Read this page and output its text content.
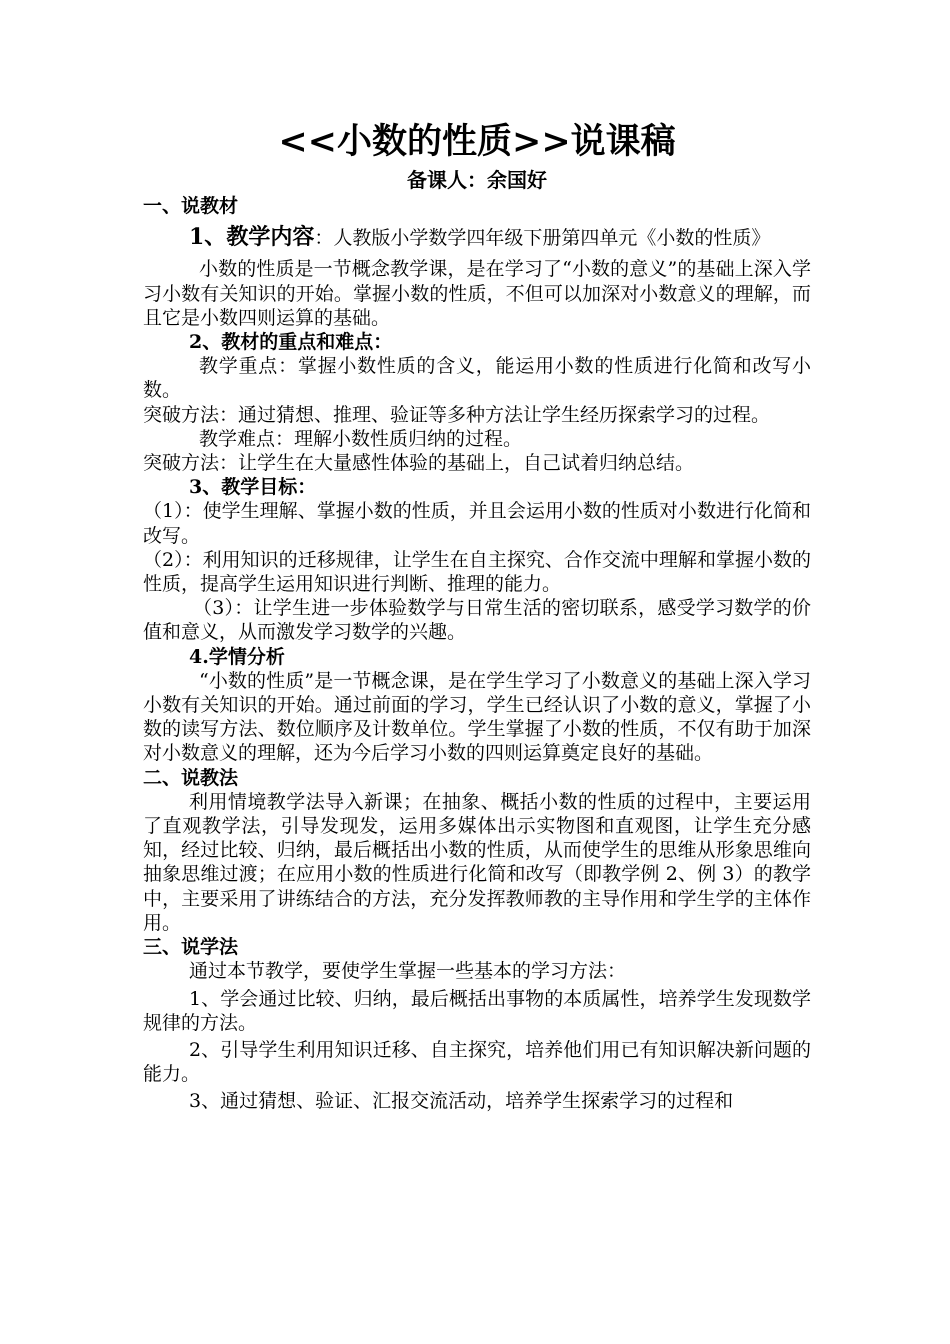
<<小数的性质>>说课稿
备课人：余国好

一、说教材

1、教学内容：人教版小学数学四年级下册第四单元《小数的性质》

小数的性质是一节概念教学课，是在学习了“小数的意义”的基础上深入学习小数有关知识的开始。掌握小数的性质，不但可以加深对小数意义的理解，而且它是小数四则运算的基础。

2、教材的重点和难点：

教学重点：掌握小数性质的含义，能运用小数的性质进行化简和改写小数。

突破方法：通过猜想、推理、验证等多种方法让学生经历探索学习的过程。

教学难点：理解小数性质归纳的过程。

突破方法：让学生在大量感性体验的基础上，自己试着归纳总结。

3、教学目标：

（1）：使学生理解、掌握小数的性质，并且会运用小数的性质对小数进行化简和改写。

（2）：利用知识的迁移规律，让学生在自主探究、合作交流中理解和掌握小数的性质，提高学生运用知识进行判断、推理的能力。

（3）：让学生进一步体验数学与日常生活的密切联系，感受学习数学的价值和意义，从而激发学习数学的兴趣。

4.学情分析

“小数的性质”是一节概念课，是在学生学习了小数意义的基础上深入学习小数有关知识的开始。通过前面的学习，学生已经认识了小数的意义，掌握了小数的读写方法、数位顺序及计数单位。学生掌握了小数的性质，不仅有助于加深对小数意义的理解，还为今后学习小数的四则运算奠定良好的基础。

二、说教法

利用情境教学法导入新课；在抽象、概括小数的性质的过程中，主要运用了直观教学法，引导发现发，运用多媒体出示实物图和直观图，让学生充分感知，经过比较、归纳，最后概括出小数的性质，从而使学生的思维从形象思维向抽象思维过渡；在应用小数的性质进行化简和改写（即教学例 2、例 3）的教学中，主要采用了讲练结合的方法，充分发挥教师教的主导作用和学生学的主体作用。

三、说学法

通过本节教学，要使学生掌握一些基本的学习方法：

1、学会通过比较、归纳，最后概括出事物的本质属性，培养学生发现数学规律的方法。

2、引导学生利用知识迁移、自主探究，培养他们用已有知识解决新问题的能力。

3、通过猜想、验证、汇报交流活动，培养学生探索学习的过程和
